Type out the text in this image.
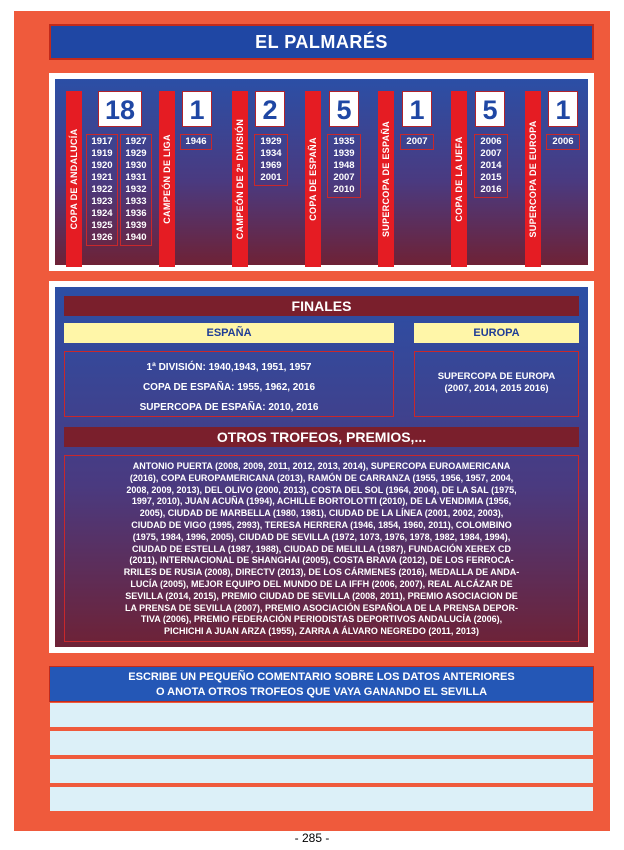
EL PALMARÉS
COPA DE ANDALUCÍA
18
1917
1919
1920
1921
1922
1923
1924
1925
1926
1927
1929
1930
1931
1932
1933
1936
1939
1940
CAMPEÓN DE LIGA
1
1946	CAMPEÓN DE 2ª DIVISIÓN
2
1929
1934
1969
2001	COPA DE ESPAÑA
5
1935
1939
1948
2007
2010	SUPERCOPA DE ESPAÑA
1
2007	COPA DE LA UEFA
5
2006
2007
2014
2015
2016	SUPERCOPA DE EUROPA
1
2006
FINALES
ESPAÑA	EUROPA
1ª DIVISIÓN: 1940,1943, 1951, 1957
COPA DE ESPAÑA: 1955, 1962, 2016
SUPERCOPA DE ESPAÑA: 2010, 2016
SUPERCOPA DE EUROPA
(2007, 2014, 2015 2016)
OTROS TROFEOS, PREMIOS,...
ANTONIO PUERTA (2008, 2009, 2011, 2012, 2013, 2014), SUPERCOPA EUROAMERICANA
(2016), COPA EUROPAMERICANA (2013), RAMÓN DE CARRANZA (1955, 1956, 1957, 2004,
2008, 2009, 2013), DEL OLIVO (2000, 2013), COSTA DEL SOL (1964, 2004), DE LA SAL (1975,
1997, 2010), JUAN ACUÑA (1994), ACHILLE BORTOLOTTI (2010), DE LA VENDIMIA (1956,
2005), CIUDAD DE MARBELLA (1980, 1981), CIUDAD DE LA LÍNEA (2001, 2002, 2003),
CIUDAD DE VIGO (1995, 2993), TERESA HERRERA (1946, 1854, 1960, 2011), COLOMBINO
(1975, 1984, 1996, 2005), CIUDAD DE SEVILLA (1972, 1073, 1976, 1978, 1982, 1984, 1994),
CIUDAD DE ESTELLA (1987, 1988), CIUDAD DE MELILLA (1987), FUNDACIÓN XEREX CD
(2011), INTERNACIONAL DE SHANGHAI (2005), COSTA BRAVA (2012), DE LOS FERROCA-
RRILES DE RUSIA (2008), DIRECTV (2013), DE LOS CÁRMENES (2016), MEDALLA DE ANDA-
LUCÍA (2005), MEJOR EQUIPO DEL MUNDO DE LA IFFH (2006, 2007), REAL ALCÁZAR DE
SEVILLA (2014, 2015), PREMIO CIUDAD DE SEVILLA (2008, 2011), PREMIO ASOCIACION DE
LA PRENSA DE SEVILLA (2007), PREMIO ASOCIACIÓN ESPAÑOLA DE LA PRENSA DEPOR-
TIVA (2006), PREMIO FEDERACIÓN PERIODISTAS DEPORTIVOS ANDALUCÍA (2006),
PICHICHI A JUAN ARZA (1955), ZARRA A ÁLVARO NEGREDO (2011, 2013)
ESCRIBE UN PEQUEÑO COMENTARIO SOBRE LOS DATOS ANTERIORES
O ANOTA OTROS TROFEOS QUE VAYA GANANDO EL SEVILLA
- 285 -
